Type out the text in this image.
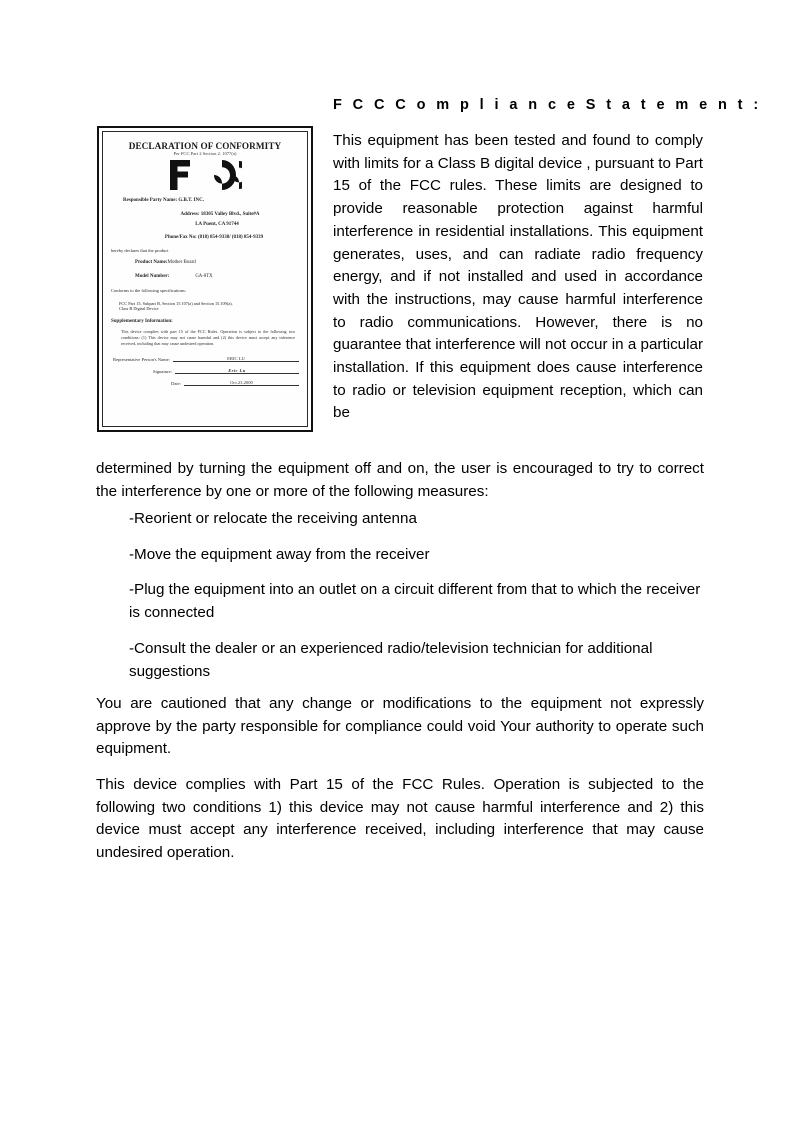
F C C C o m p l i a n c e S t a t e m e n t :
DECLARATION OF CONFORMITY
Per FCC Part 2 Section 2. 1077(a)
Responsible Party Name: G.B.T. INC.
Address: 18305 Valley Blvd., Suite#A
LA Puent, CA 91744
Phone/Fax No: (818) 854-9338/ (818) 854-9339
hereby declares that the product
Product Name:Mother Board
Model Number:	GA-8TX
Conforms to the following specifications:
FCC Part 15, Subpart B, Section 15.107(a) and Section 15.109(a),
Class B Digital Device
Supplementary Information:
This device complies with part 15 of the FCC Rules. Operation is subject to the following two conditions: (1) This device may not cause harmful and (2) this device must accept any inference received, including that may cause undesired operation.
Representative Person's Name:	ERIC LU
Signature:	Eric Lu
Date:	Oct.23.2000

This equipment has been tested and found to comply with limits for a Class B digital device , pursuant to Part 15 of the FCC rules. These limits are designed to provide reasonable protection against harmful interference in residential installations. This equipment generates, uses, and can radiate radio frequency energy, and if not installed and used in accordance with the instructions, may cause harmful interference to radio communications. However, there is no guarantee that interference will not occur in a particular installation. If this equipment does cause interference to radio or television equipment reception, which can be

determined by turning the equipment off and on, the user is encouraged to try to correct the interference by one or more of the following measures:

-Reorient or relocate the receiving antenna
-Move the equipment away from the receiver
-Plug the equipment into an outlet on a circuit different from that to which the receiver is connected
-Consult the dealer or an experienced radio/television technician for additional suggestions

You are cautioned that any change or modifications to the equipment not expressly approve by the party responsible for compliance could void Your authority to operate such equipment.

This device complies with Part 15 of the FCC Rules. Operation is subjected to the following two conditions 1) this device may not cause harmful interference and 2) this device must accept any interference received, including interference that may cause undesired operation.
